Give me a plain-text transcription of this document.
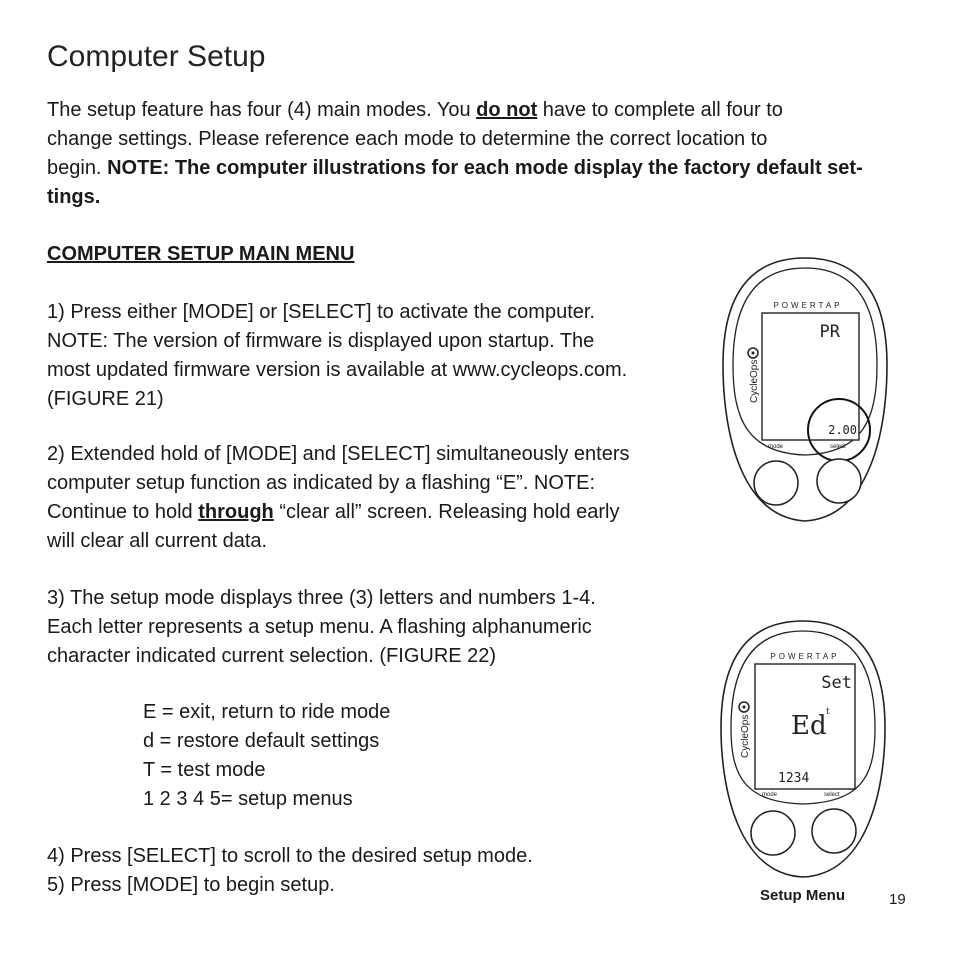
Computer Setup
The setup feature has four (4) main modes. You do not have to complete all four to
change settings. Please reference each mode to determine the correct location to
begin. NOTE: The computer illustrations for each mode display the factory default set-
tings.
COMPUTER SETUP MAIN MENU
1) Press either [MODE] or [SELECT] to activate the computer.
NOTE: The version of firmware is displayed upon startup. The
most updated firmware version is available at www.cycleops.com.
(FIGURE 21)
2) Extended hold of [MODE] and [SELECT] simultaneously enters
computer setup function as indicated by a flashing “E”. NOTE:
Continue to hold through “clear all” screen. Releasing hold early
will clear all current data.
3) The setup mode displays three (3) letters and numbers 1-4.
Each letter represents a setup menu. A flashing alphanumeric
character indicated current selection. (FIGURE 22)
E = exit, return to ride mode
d = restore default settings
T = test mode
1 2 3 4 5= setup menus
4) Press [SELECT] to scroll to the desired setup mode.
5) Press [MODE] to begin setup.
POWERTAP
CycleOps
PR
2.00
mode	select
POWERTAP
CycleOps
Set
Ed t
1234
mode	select
Setup Menu	19
